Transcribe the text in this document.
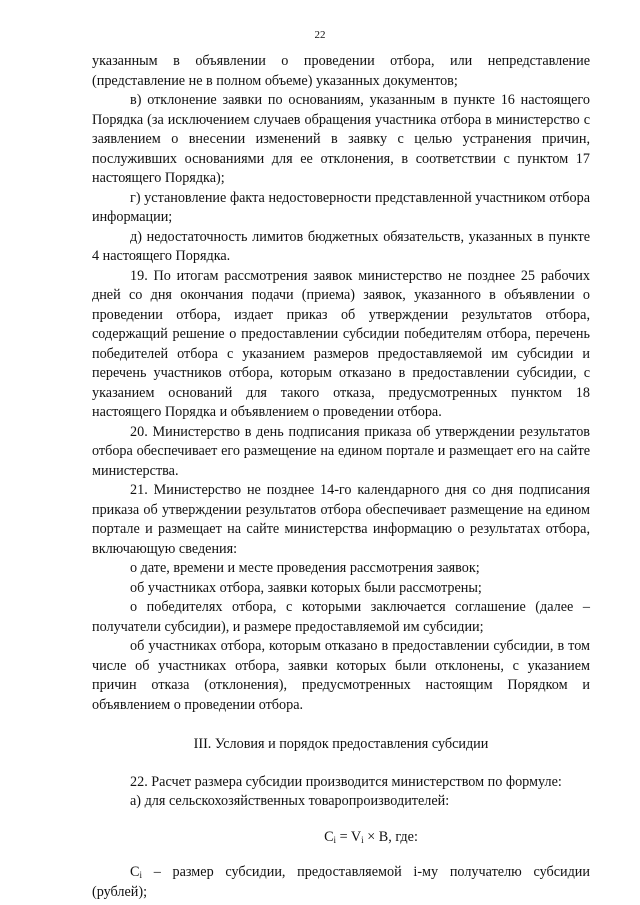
22

указанным в объявлении о проведении отбора, или непредставление (представление не в полном объеме) указанных документов;

в) отклонение заявки по основаниям, указанным в пункте 16 настоящего Порядка (за исключением случаев обращения участника отбора в министерство с заявлением о внесении изменений в заявку с целью устранения причин, послуживших основаниями для ее отклонения, в соответствии с пунктом 17 настоящего Порядка);

г) установление факта недостоверности представленной участником отбора информации;

д) недостаточность лимитов бюджетных обязательств, указанных в пункте 4 настоящего Порядка.

19. По итогам рассмотрения заявок министерство не позднее 25 рабочих дней со дня окончания подачи (приема) заявок, указанного в объявлении о проведении отбора, издает приказ об утверждении результатов отбора, содержащий решение о предоставлении субсидии победителям отбора, перечень победителей отбора с указанием размеров предоставляемой им субсидии и перечень участников отбора, которым отказано в предоставлении субсидии, с указанием оснований для такого отказа, предусмотренных пунктом 18 настоящего Порядка и объявлением о проведении отбора.

20. Министерство в день подписания приказа об утверждении результатов отбора обеспечивает его размещение на едином портале и размещает его на сайте министерства.

21. Министерство не позднее 14-го календарного дня со дня подписания приказа об утверждении результатов отбора обеспечивает размещение на едином портале и размещает на сайте министерства информацию о результатах отбора, включающую сведения:

о дате, времени и месте проведения рассмотрения заявок;

об участниках отбора, заявки которых были рассмотрены;

о победителях отбора, с которыми заключается соглашение (далее – получатели субсидии), и размере предоставляемой им субсидии;

об участниках отбора, которым отказано в предоставлении субсидии, в том числе об участниках отбора, заявки которых были отклонены, с указанием причин отказа (отклонения), предусмотренных настоящим Порядком и объявлением о проведении отбора.

III. Условия и порядок предоставления субсидии

22. Расчет размера субсидии производится министерством по формуле:

а) для сельскохозяйственных товаропроизводителей:

$C_i = V_i \times B$, где:

$C_i$ – размер субсидии, предоставляемой i-му получателю субсидии (рублей);
